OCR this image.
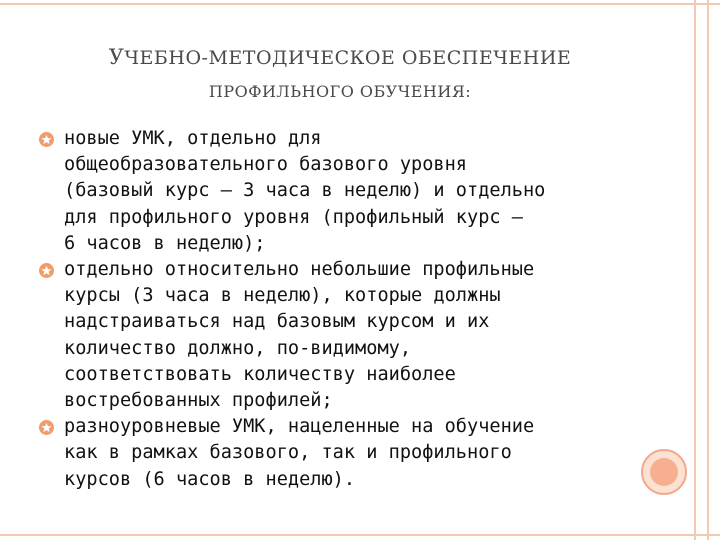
УЧЕБНО-МЕТОДИЧЕСКОЕ ОБЕСПЕЧЕНИЕ
ПРОФИЛЬНОГО ОБУЧЕНИЯ:
новые УМК, отдельно для
общеобразовательного базового уровня
(базовый курс — 3 часа в неделю) и отдельно
для профильного уровня (профильный курс —
6 часов в неделю);
отдельно относительно небольшие профильные
курсы (3 часа в неделю), которые должны
надстраиваться над базовым курсом и их
количество должно, по-видимому,
соответствовать количеству наиболее
востребованных профилей;
разноуровневые УМК, нацеленные на обучение
как в рамках базового, так и профильного
курсов (6 часов в неделю).
